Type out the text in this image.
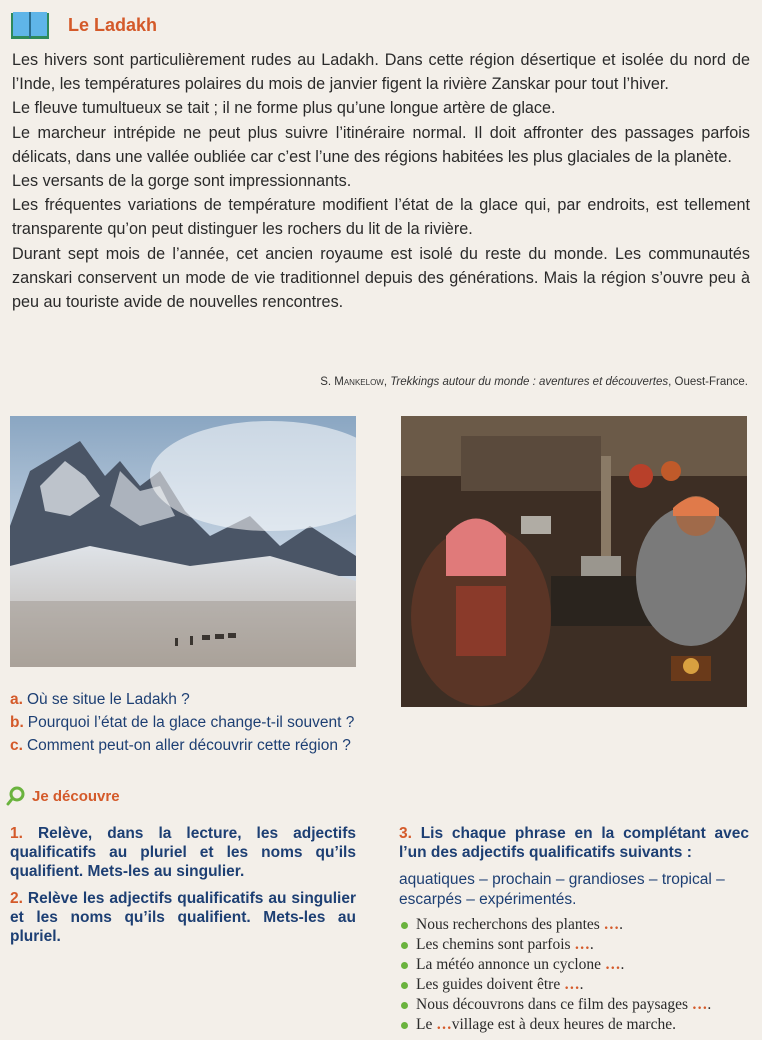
Le Ladakh

Les hivers sont particulièrement rudes au Ladakh. Dans cette région désertique et isolée du nord de l’Inde, les températures polaires du mois de janvier figent la rivière Zanskar pour tout l’hiver.

Le fleuve tumultueux se tait ; il ne forme plus qu’une longue artère de glace.

Le marcheur intrépide ne peut plus suivre l’itinéraire normal. Il doit affronter des passages parfois délicats, dans une vallée oubliée car c’est l’une des régions habitées les plus glaciales de la planète.

Les versants de la gorge sont impressionnants.

Les fréquentes variations de température modifient l’état de la glace qui, par endroits, est tellement transparente qu’on peut distinguer les rochers du lit de la rivière.

Durant sept mois de l’année, cet ancien royaume est isolé du reste du monde. Les communautés zanskari conservent un mode de vie traditionnel depuis des générations. Mais la région s’ouvre peu à peu au touriste avide de nouvelles rencontres.

S. Mankelow, Trekkings autour du monde : aventures et découvertes, Ouest-France.
a. Où se situe le Ladakh ?
b. Pourquoi l’état de la glace change-t-il souvent ?
c. Comment peut-on aller découvrir cette région ?
Je découvre
1. Relève, dans la lecture, les adjectifs qualificatifs au pluriel et les noms qu’ils qualifient. Mets-les au singulier.
2. Relève les adjectifs qualificatifs au singulier et les noms qu’ils qualifient. Mets-les au pluriel.
3. Lis chaque phrase en la complétant avec l’un des adjectifs qualificatifs suivants :
aquatiques – prochain – grandioses – tropical – escarpés – expérimentés.
Nous recherchons des plantes
… .
Les chemins sont parfois
… .
La météo annonce un cyclone
… .
Les guides doivent être
… .
Nous découvrons dans ce film des paysages
… .
Le
… village est à deux heures de marche.
